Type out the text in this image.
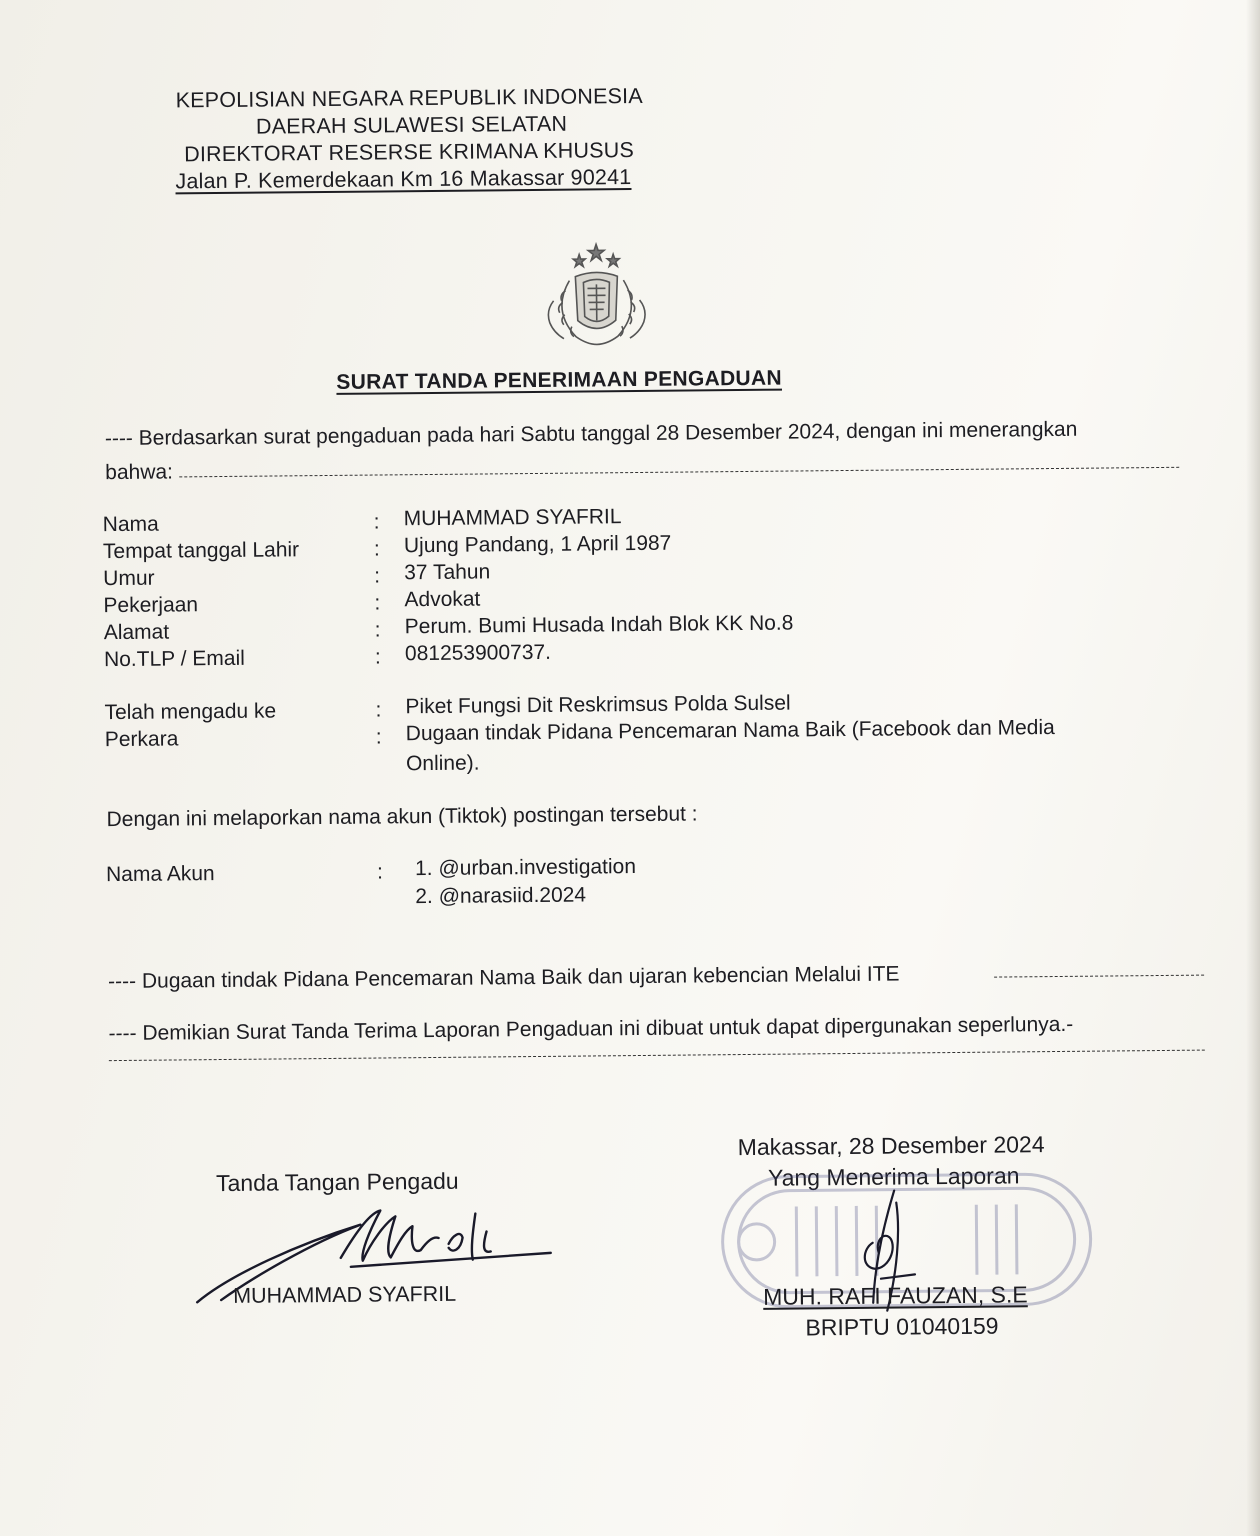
KEPOLISIAN NEGARA REPUBLIK INDONESIA
DAERAH SULAWESI SELATAN
DIREKTORAT RESERSE KRIMANA KHUSUS
Jalan P. Kemerdekaan Km 16 Makassar 90241
SURAT TANDA PENERIMAAN PENGADUAN
---- Berdasarkan surat pengaduan pada hari Sabtu tanggal 28 Desember 2024, dengan ini menerangkan
bahwa:
Nama	: MUHAMMAD SYAFRIL
Tempat tanggal Lahir	: Ujung Pandang, 1 April 1987
Umur	: 37 Tahun
Pekerjaan	: Advokat
Alamat	: Perum. Bumi Husada Indah Blok KK No.8
No.TLP / Email	: 081253900737.
Telah mengadu ke	: Piket Fungsi Dit Reskrimsus Polda Sulsel
Perkara	: Dugaan tindak Pidana Pencemaran Nama Baik (Facebook dan Media
Online).
Dengan ini melaporkan nama akun (Tiktok) postingan tersebut :
Nama Akun	: 1. @urban.investigation
2. @narasiid.2024
---- Dugaan tindak Pidana Pencemaran Nama Baik dan ujaran kebencian Melalui ITE
---- Demikian Surat Tanda Terima Laporan Pengaduan ini dibuat untuk dapat dipergunakan seperlunya.-
Tanda Tangan Pengadu
MUHAMMAD SYAFRIL
Makassar, 28 Desember 2024
Yang Menerima Laporan
MUH. RAFI FAUZAN, S.E
BRIPTU 01040159
